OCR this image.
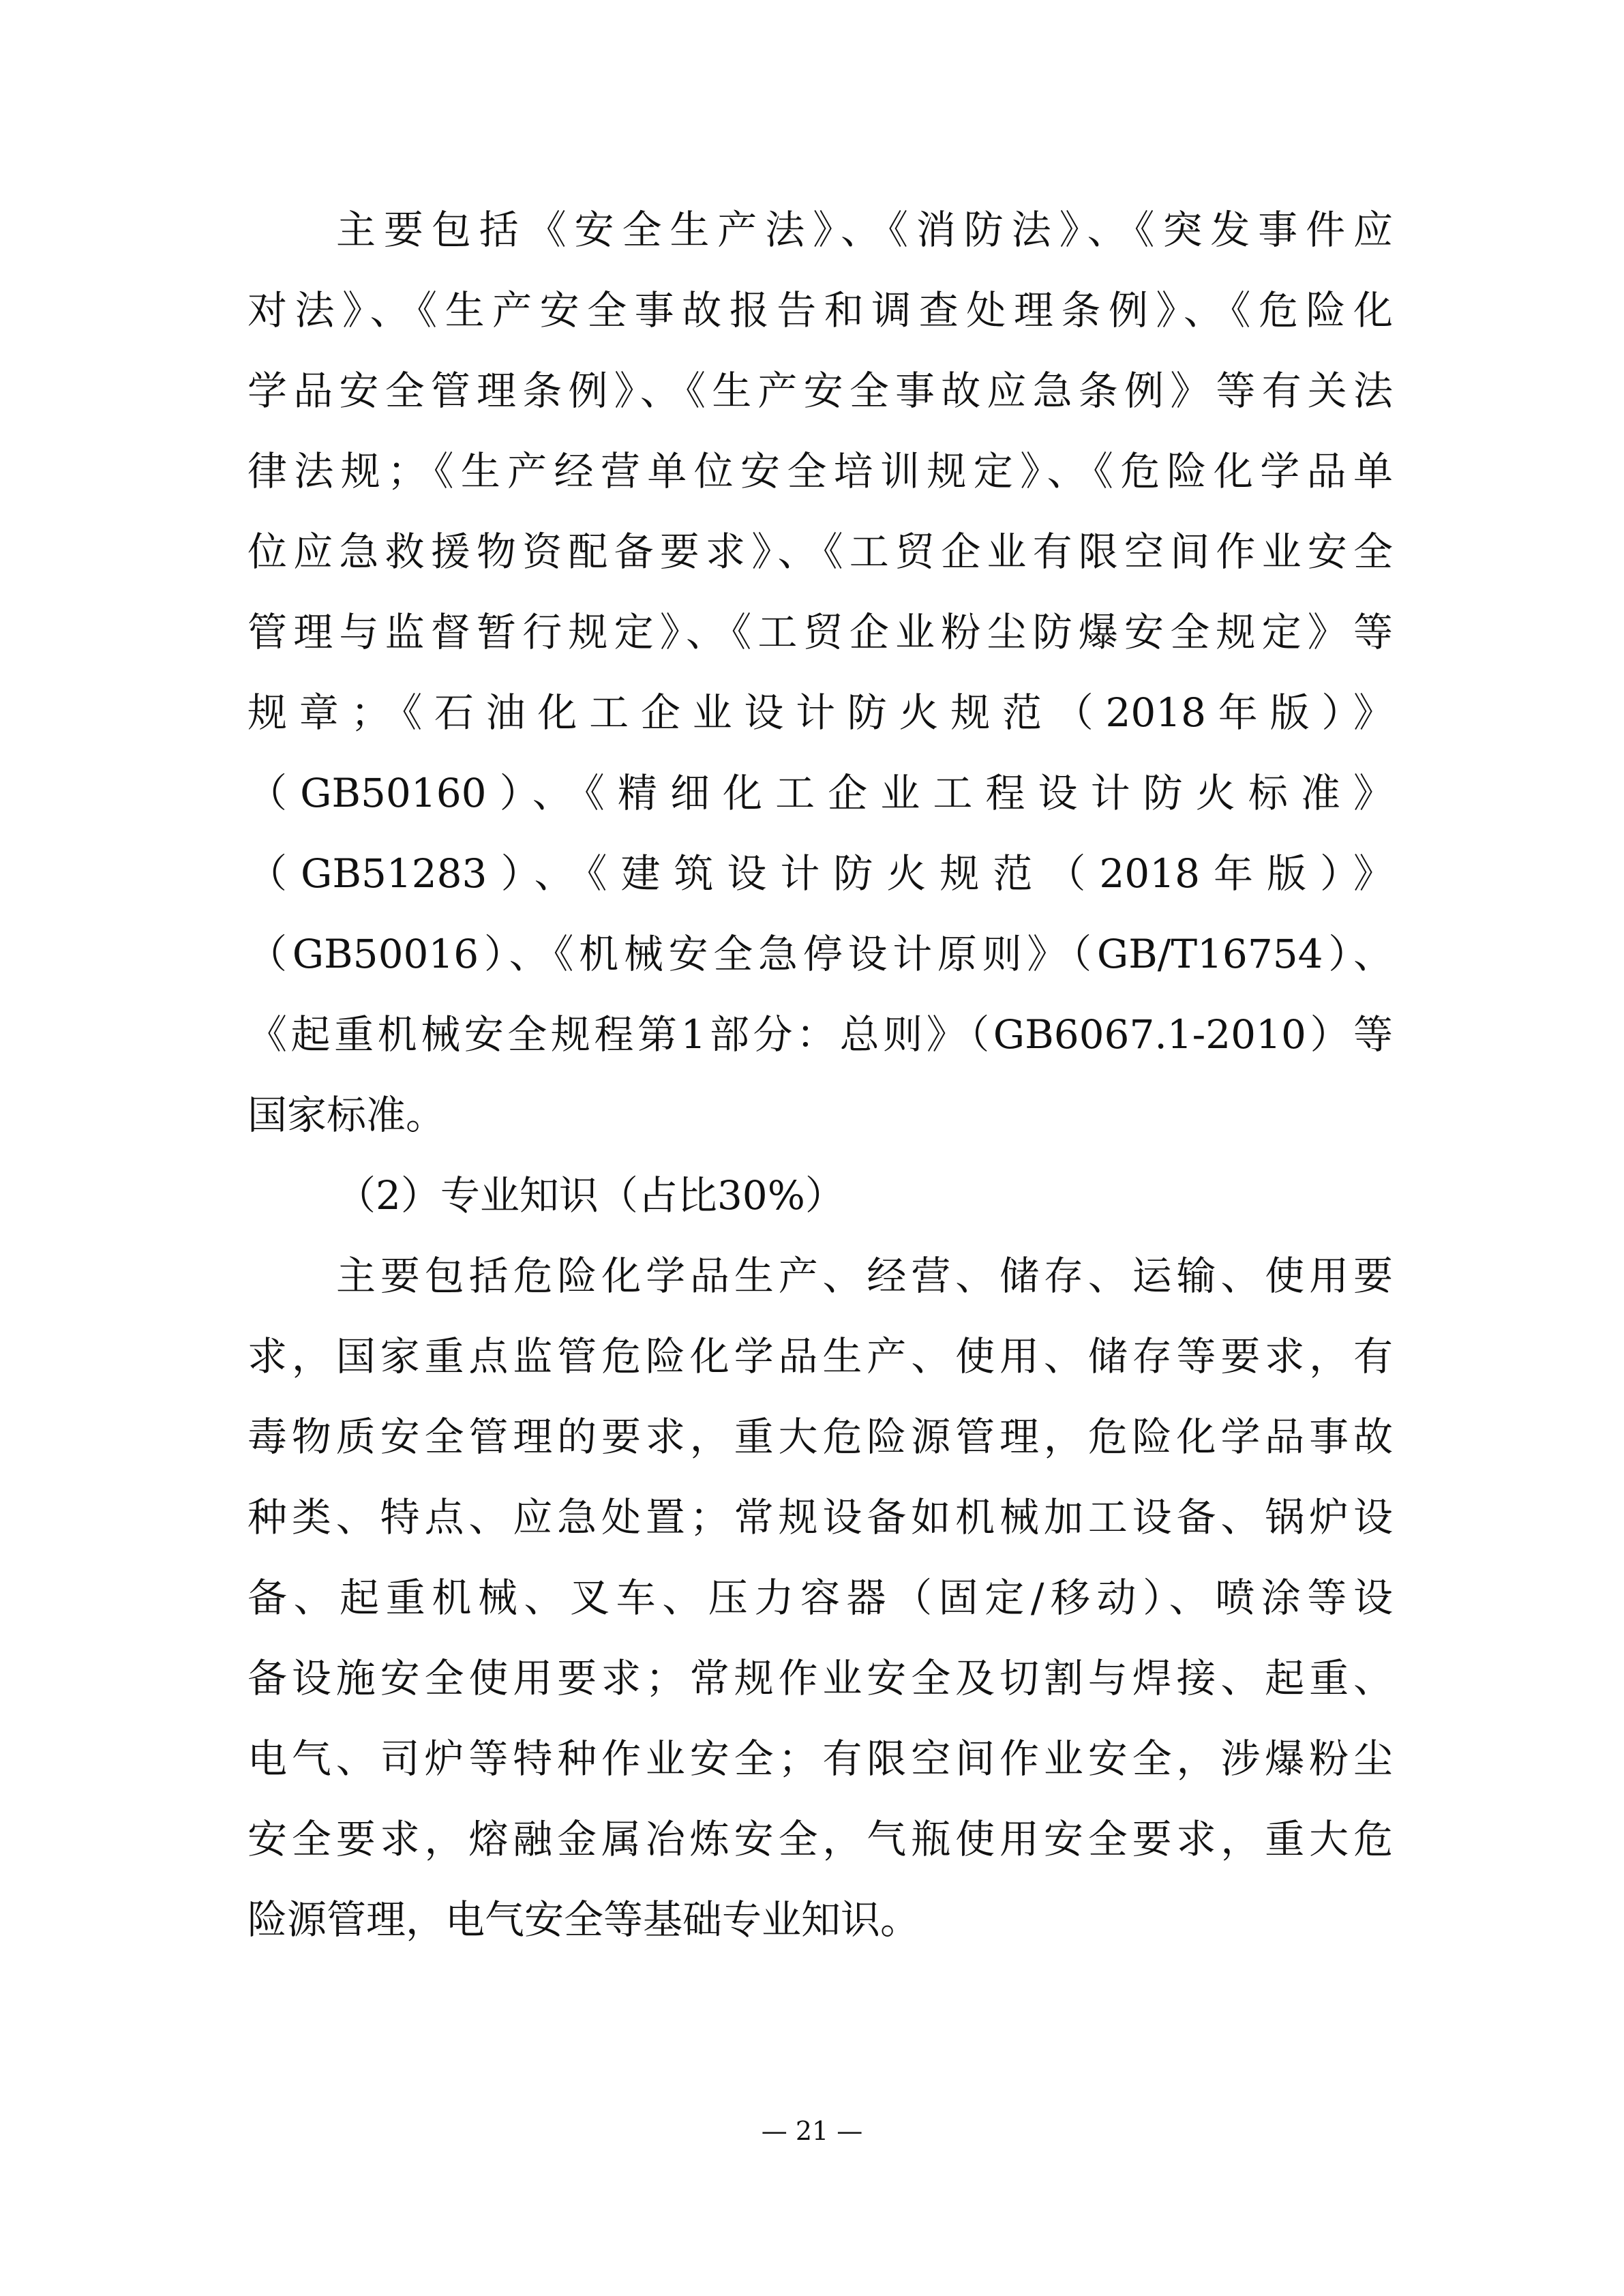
主要包括《安全生产法》、《消防法》、《突发事件应
对法》、《生产安全事故报告和调查处理条例》、《危险化
学品安全管理条例》、《生产安全事故应急条例》等有关法
律法规；《生产经营单位安全培训规定》、《危险化学品单
位应急救援物资配备要求》、《工贸企业有限空间作业安全
管理与监督暂行规定》、《工贸企业粉尘防爆安全规定》等
规章；《石油化工企业设计防火规范（2018年版）》
（GB50160）、《精细化工企业工程设计防火标准》
（GB51283）、《建筑设计防火规范（2018年版）》
（GB50016）、《机械安全急停设计原则》（GB/T16754）、
《起重机械安全规程第1部分：总则》（GB6067.1-2010）等
国家标准。
（2）专业知识（占比30%）
主要包括危险化学品生产、经营、储存、运输、使用要
求，国家重点监管危险化学品生产、使用、储存等要求，有
毒物质安全管理的要求，重大危险源管理，危险化学品事故
种类、特点、应急处置；常规设备如机械加工设备、锅炉设
备、起重机械、叉车、压力容器（固定/移动）、喷涂等设
备设施安全使用要求；常规作业安全及切割与焊接、起重、
电气、司炉等特种作业安全；有限空间作业安全，涉爆粉尘
安全要求，熔融金属冶炼安全，气瓶使用安全要求，重大危
险源管理，电气安全等基础专业知识。
— 21 —
